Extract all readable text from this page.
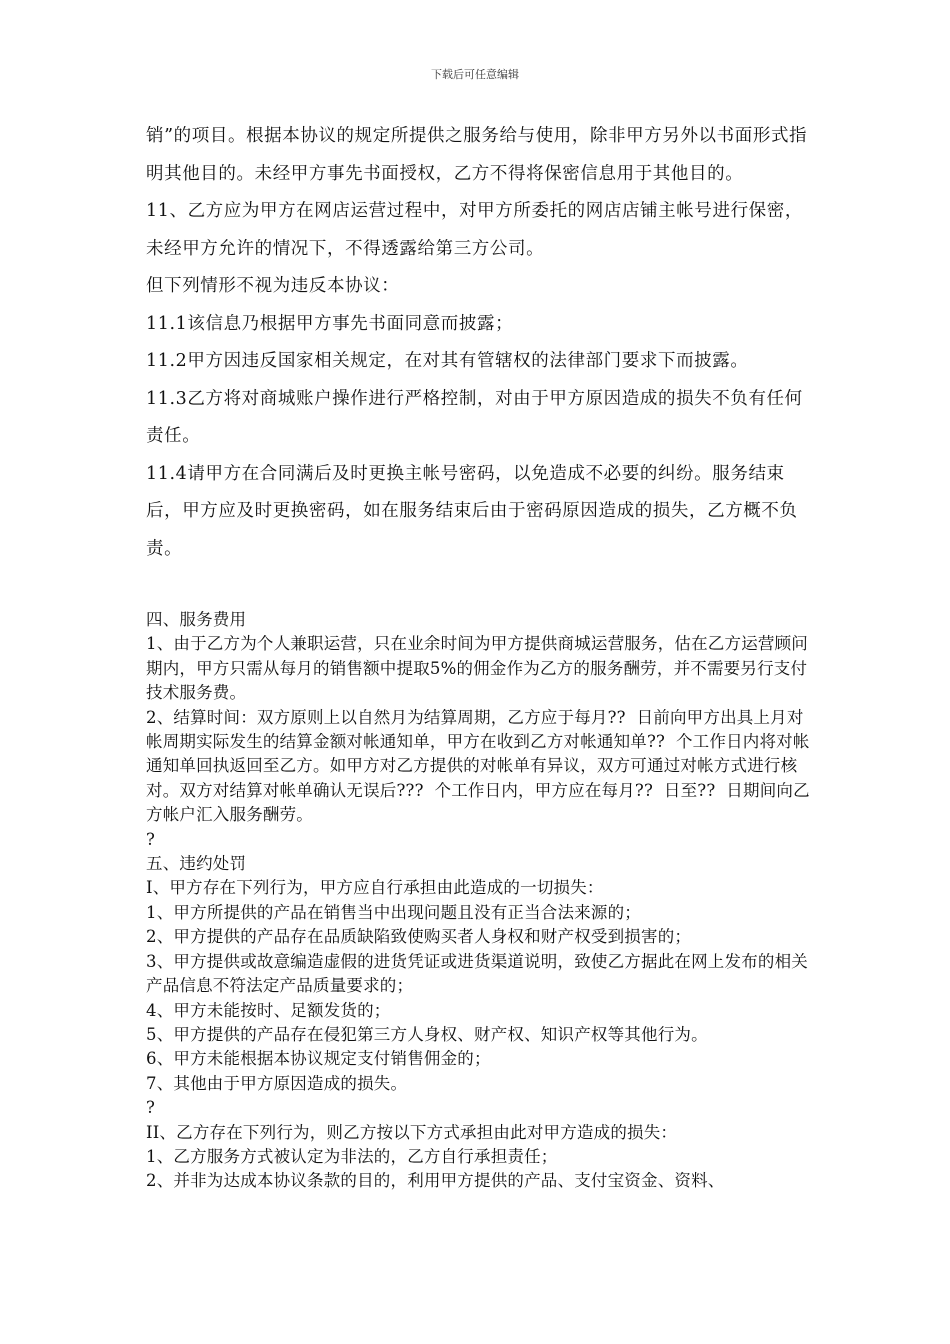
下载后可任意编辑

销”的项目。根据本协议的规定所提供之服务给与使用，除非甲方另外以书面形式指明其他目的。未经甲方事先书面授权，乙方不得将保密信息用于其他目的。

11、乙方应为甲方在网店运营过程中，对甲方所委托的网店店铺主帐号进行保密，未经甲方允许的情况下，不得透露给第三方公司。

但下列情形不视为违反本协议：

11.1该信息乃根据甲方事先书面同意而披露；

11.2甲方因违反国家相关规定，在对其有管辖权的法律部门要求下而披露。

11.3乙方将对商城账户操作进行严格控制，对由于甲方原因造成的损失不负有任何责任。

11.4请甲方在合同满后及时更换主帐号密码，以免造成不必要的纠纷。服务结束后，甲方应及时更换密码，如在服务结束后由于密码原因造成的损失，乙方概不负责。

四、服务费用

1、由于乙方为个人兼职运营，只在业余时间为甲方提供商城运营服务，估在乙方运营顾问期内，甲方只需从每月的销售额中提取5%的佣金作为乙方的服务酬劳，并不需要另行支付技术服务费。

2、结算时间：双方原则上以自然月为结算周期，乙方应于每月??  日前向甲方出具上月对帐周期实际发生的结算金额对帐通知单，甲方在收到乙方对帐通知单??  个工作日内将对帐通知单回执返回至乙方。如甲方对乙方提供的对帐单有异议，双方可通过对帐方式进行核对。双方对结算对帐单确认无误后???  个工作日内，甲方应在每月??  日至??  日期间向乙方帐户汇入服务酬劳。

?

五、违约处罚

I、甲方存在下列行为，甲方应自行承担由此造成的一切损失：

1、甲方所提供的产品在销售当中出现问题且没有正当合法来源的；

2、甲方提供的产品存在品质缺陷致使购买者人身权和财产权受到损害的；

3、甲方提供或故意编造虚假的进货凭证或进货渠道说明，致使乙方据此在网上发布的相关产品信息不符法定产品质量要求的；

4、甲方未能按时、足额发货的；

5、甲方提供的产品存在侵犯第三方人身权、财产权、知识产权等其他行为。

6、甲方未能根据本协议规定支付销售佣金的；

7、其他由于甲方原因造成的损失。

?

II、乙方存在下列行为，则乙方按以下方式承担由此对甲方造成的损失：

1、乙方服务方式被认定为非法的，乙方自行承担责任；

2、并非为达成本协议条款的目的，利用甲方提供的产品、支付宝资金、资料、
